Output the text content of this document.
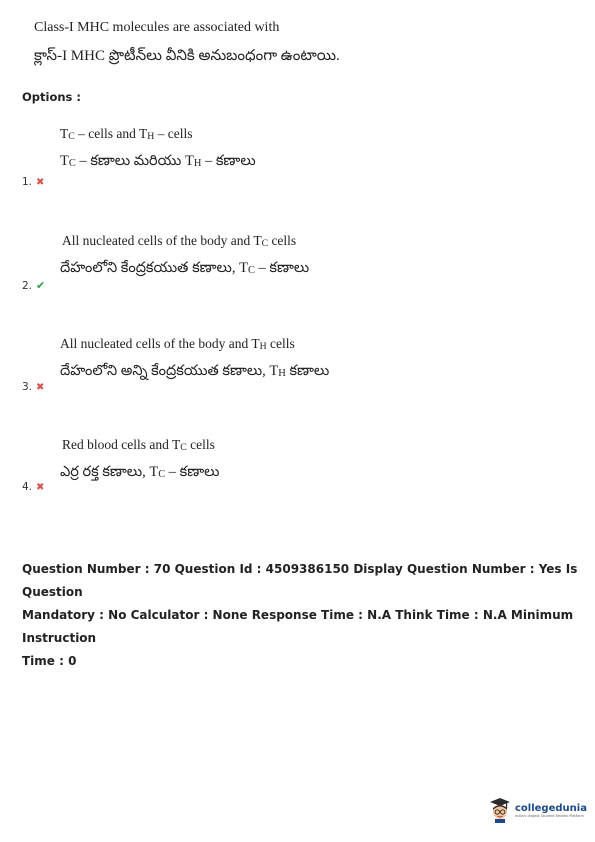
Class-I MHC molecules are associated with
క్లాస్-I MHC ప్రొటీన్‌లు వీనికి అనుబంధంగా ఉంటాయి.
Options :
$T_C$ – cells and $T_H$ – cells
$T_C$ – కణాలు మరియు $T_H$ – కణాలు
1. ✖
All nucleated cells of the body and $T_C$ cells
దేహంలోని కేంద్రకయుత కణాలు, $T_C$ – కణాలు
2. ✔
All nucleated cells of the body and $T_H$ cells
దేహంలోని అన్ని కేంద్రకయుత కణాలు, $T_H$ కణాలు
3. ✖
Red blood cells and $T_C$ cells
ఎర్ర రక్త కణాలు, $T_C$ – కణాలు
4. ✖
Question Number : 70 Question Id : 4509386150 Display Question Number : Yes Is Question
Mandatory : No Calculator : None Response Time : N.A Think Time : N.A Minimum Instruction
Time : 0
collegedunia
India's largest Student Review Platform
